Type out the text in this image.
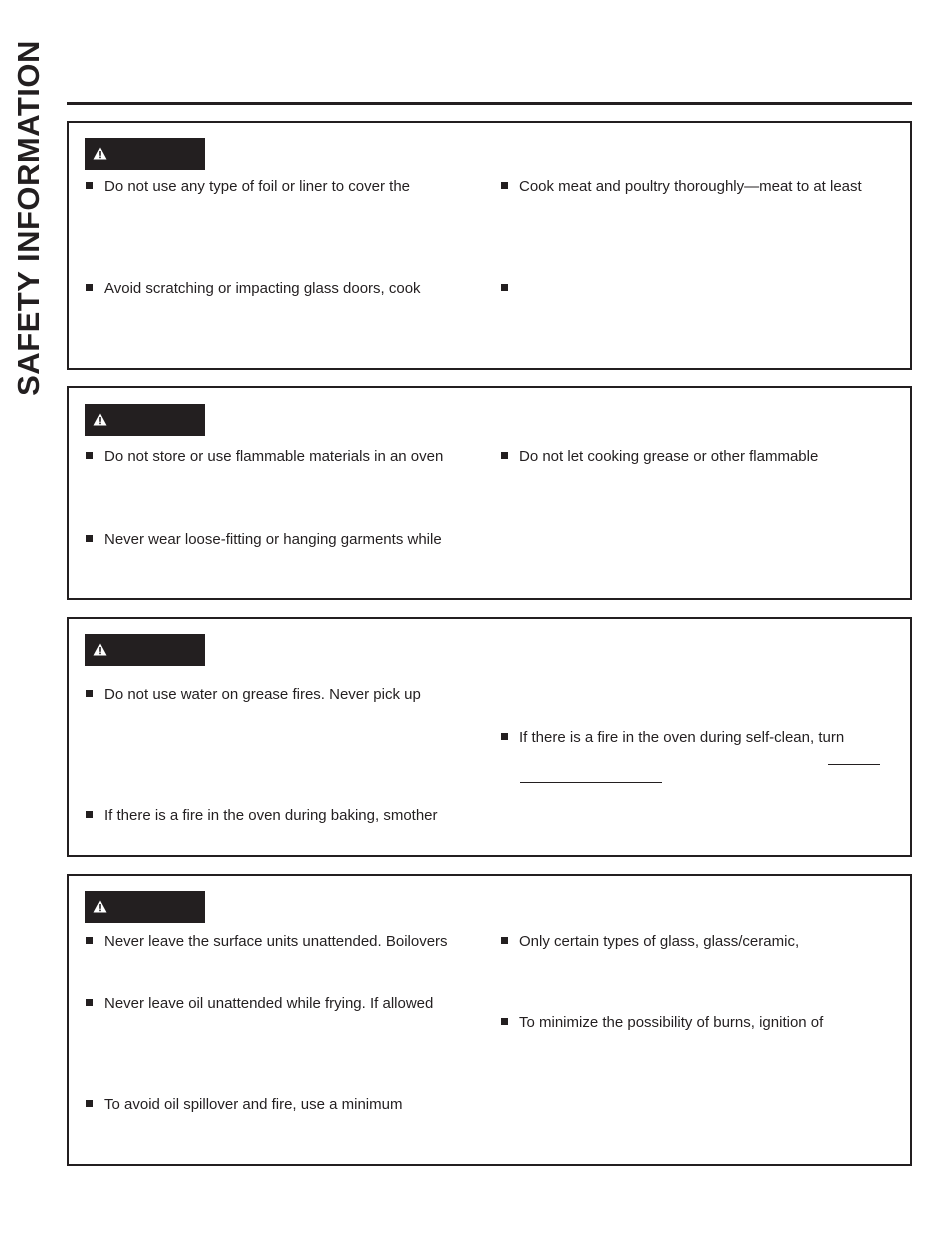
SAFETY INFORMATION	Do not use any type of foil or liner to cover the	Cook meat and poultry thoroughly—meat to at least
Avoid scratching or impacting glass doors, cook
Do not store or use flammable materials in an oven	Do not let cooking grease or other flammable
Never wear loose-fitting or hanging garments while
Do not use water on grease fires. Never pick up
If there is a fire in the oven during self-clean, turn
If there is a fire in the oven during baking, smother
Never leave the surface units unattended. Boilovers	Only certain types of glass, glass/ceramic,
Never leave oil unattended while frying. If allowed
To minimize the possibility of burns, ignition of
To avoid oil spillover and fire, use a minimum
